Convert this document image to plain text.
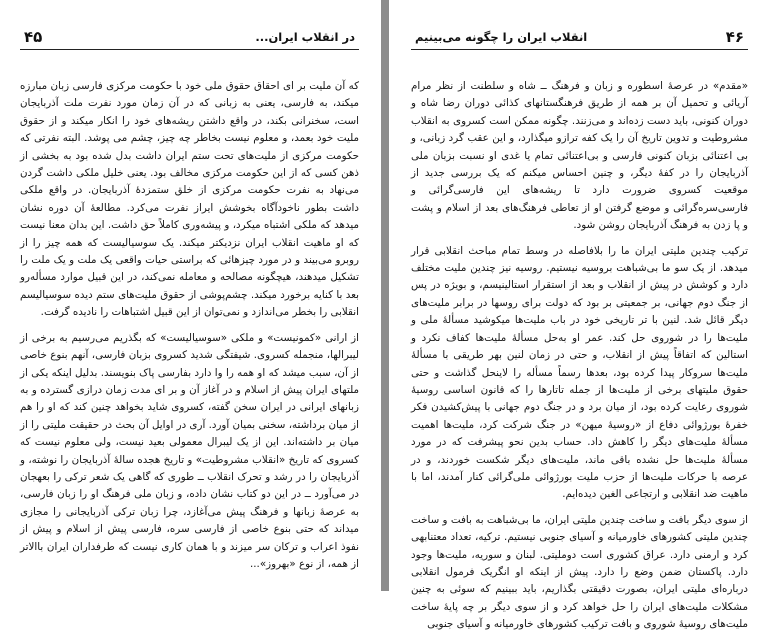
۴۵	در انقلاب ایران...

که آن ملیت بر ای احقاق حقوق ملی خود با حکومت مرکزی فارسی زبان مبارزه میکند، به فارسی، یعنی به زبانی که در آن زمان مورد نفرت ملت آذربایجان است، سخنرانی بکند، در واقع داشتن ریشه‌های خود را انکار میکند و از حقوق ملیت خود بعمد، و معلوم نیست بخاطر چه چیز، چشم می پوشد. البته نفرتی که حکومت مرکزی از ملیت‌های تحت ستم ایران داشت بدل شده بود به بخشی از ذهن کسی که از این حکومت مرکزی مخالف بود. یعنی خلیل ملکی داشت گردن می‌نهاد به نفرت حکومت مرکزی از خلق ستمزدهٔ آذربایجان. در واقع ملکی داشت بطور ناخودآگاه بخوشش ایراز نفرت می‌کرد. مطالعهٔ آن دوره نشان میدهد که ملکی اشتباه میکرد، و پیشه‌وری کاملاً حق داشت. این بدان معنا نیست که او ماهیت انقلاب ایران نزدیکتر میکند. یک سوسیالیست که همه چیز را از روبرو می‌بیند و در مورد چیزهائی که براستی حیات واقعی یک ملت و یک ملت را تشکیل میدهند، هیچگونه مصالحه و معامله نمی‌کند، در این قبیل موارد مسأله‌رو بعد با کنایه برخورد میکند. چشم‌پوشی از حقوق ملیت‌های ستم دیده سوسیالیسم انقلابی را بخطر می‌اندازد و نمی‌توان از این قبیل اشتباهات را نادیده گرفت.

از ارانی «کمونیست» و ملکی «سوسیالیست» که بگذریم می‌رسیم به برخی از لیبرالها، منجمله کسروی. شیفتگی شدید کسروی بزبان فارسی، آنهم بنوع خاصی از آن، سبب میشد که او همه را وا دارد بفارسی پاک بنویسند. بدلیل اینکه یکی از ملتهای ایران پیش از اسلام و در آغاز آن و بر ای مدت زمان درازی گسترده و به زبانهای ایرانی در ایران سخن گفته، کسروی شاید بخواهد چنین کند که او را هم از میان برداشته، سخنی بمیان آورد. آری در اوایل آن بحث در حقیقت ملیتی را از میان بر داشته‌اند. این از یک لیبرال معمولی بعید نیست، ولی معلوم نیست که کسروی که تاریخ «انقلاب مشروطیت» و تاریخ هجده سالهٔ آذربایجان را نوشته، و آذربایجان را در رشد و تحرک انقلاب ــ طوری که گاهی یک شعر ترکی را بعهجان در می‌آورد ــ در این دو کتاب نشان داده، و زبان ملی فرهنگ او را زبان فارسی، به عرصهٔ زبانها و فرهنگ پیش می‌آغازد، چرا زبان ترکی آذربایجانی را مجازی میداند که حتی بنوع خاصی از فارسی سره، فارسی پیش از اسلام و پیش از نفوذ اعراب و ترکان سر میزند و با همان کاری نیست که طرفداران ایران باالاتر از همه، از نوع «بهروز»...

انقلاب ایران را چگونه می‌بینیم	۴۶

«مقدم» در عرصهٔ اسطوره و زبان و فرهنگ ــ شاه و سلطنت از نظر مرام آریائی و تحمیل آن بر همه از طریق فرهنگستانهای کذائی دوران رضا شاه و دوران کنونی، باید دست زده‌اند و می‌زنند. چگونه ممکن است کسروی به انقلاب مشروطیت و تدوین تاریخ آن را یک کفه ترازو میگذارد، و این عقب گرد زبانی، و بی اعتنائی بزبان کنونی فارسی و بی‌اعتنائی تمام یا غدی او نسبت بزبان ملی آذربایجان را در کفهٔ دیگر، و چنین احساس میکنم که یک بررسی جدید از موقعیت کسروی ضرورت دارد تا ریشه‌های این فارسی‌گرائی و فارسی‌سره‌گرائی و موضع گرفتن او از تعاطی فرهنگ‌های بعد از اسلام و پشت و پا زدن به فرهنگ آذربایجان روشن شود.

ترکیب چندین ملیتی ایران ما را بلافاصله در وسط تمام مباحث انقلابی قرار میدهد. از یک سو ما بی‌شباهت بروسیه نیستیم. روسیه نیز چندین ملیت مختلف دارد و کوشش در پیش از انقلاب و بعد از استقرار استالینیسم، و بویژه در پس از جنگ دوم جهانی، بر جمعیتی بر بود که دولت برای روسها در برابر ملیت‌های دیگر قائل شد. لنین با تر تاریخی خود در باب ملیت‌ها میکوشید مسألهٔ ملی و ملیت‌ها را در شوروی حل کند. عمر او به‌حل مسألهٔ ملیت‌ها کفاف نکرد و استالین که اتفاقاً پیش از انقلاب، و حتی در زمان لنین بهر طریقی با مسألهٔ ملیت‌ها سروکار پیدا کرده بود، بعدها رسماً مسأله را لاینحل گذاشت و حتی حقوق ملیتهای برخی از ملیت‌ها از جمله تاتارها را که قانون اساسی روسیهٔ شوروی رعایت کرده بود، از میان برد و در جنگ دوم جهانی با پیش‌کشیدن فکر خفرهٔ بورژوائی دفاع از «روسیهٔ میهن» در جنگ شرکت کرد، ملیت‌ها اهمیت مسألهٔ ملیت‌های دیگر را کاهش داد. حساب بدین نحو پیشرفت که در مورد مسألهٔ ملیت‌ها حل نشده باقی ماند، ملیت‌های دیگر شکست خوردند، و در عرصه با حرکات ملیت‌ها از حزب ملیت بورژوائی ملی‌گرائی کنار آمدند، اما با ماهیت ضد انقلابی و ارتجاعی الغین دیده‌ایم.

از سوی دیگر بافت و ساخت چندین ملیتی ایران، ما بی‌شباهت به بافت و ساخت چندین ملیتی کشورهای خاورمیانه و آسیای جنوبی نیستیم. ترکیه، تعداد معتنابهی کرد و ارمنی دارد. عراق کشوری است دوملیتی. لبنان و سوریه، ملیت‌ها وجود دارد. پاکستان ضمن وضع را دارد. پیش از اینکه او انگریک فرمول انقلابی درباره‌ای ملیتی ایران، بصورت دقیقتی بگذاریم، باید ببینیم که سوئی به چنین مشکلات ملیت‌های ایران را حل خواهد کرد و از سوی دیگر بر چه پایهٔ ساخت ملیت‌های روسیهٔ شوروی و بافت ترکیب کشورهای خاورمیانه و آسیای جنوبی
